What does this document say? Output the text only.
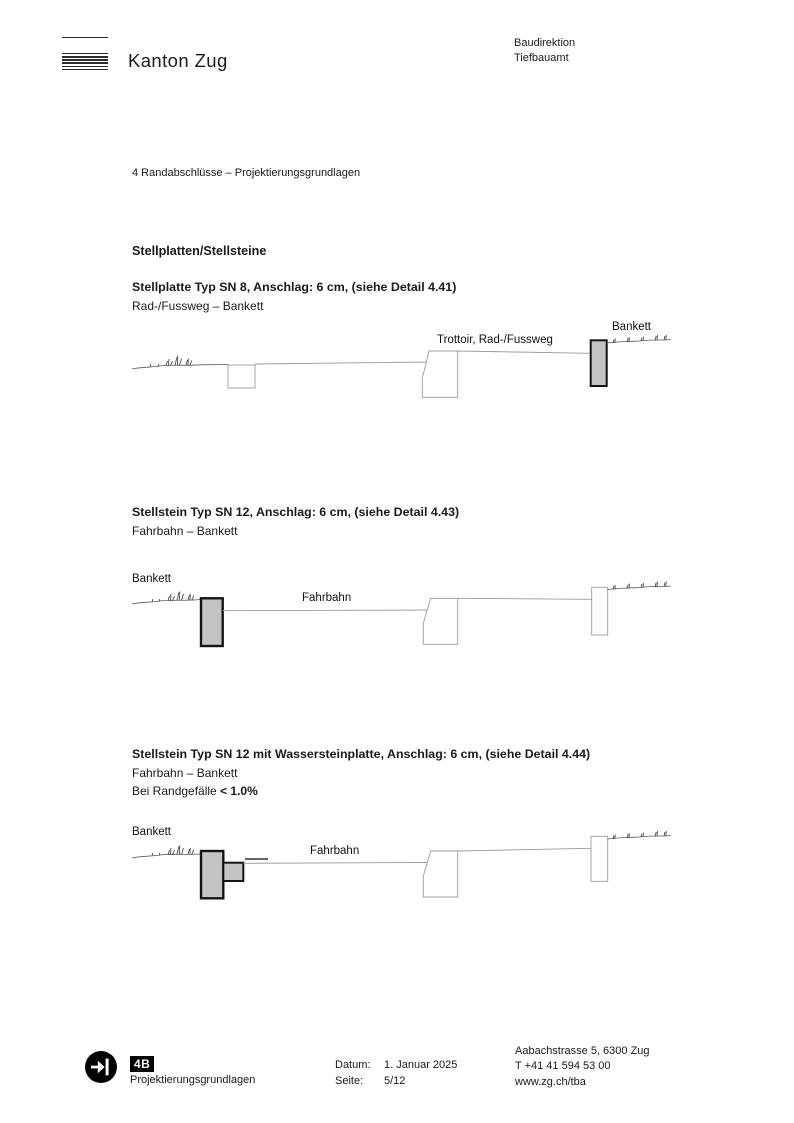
Kanton Zug
Baudirektion
Tiefbauamt
4 Randabschlüsse – Projektierungsgrundlagen
Stellplatten/Stellsteine
Stellplatte Typ SN 8, Anschlag: 6 cm, (siehe Detail 4.41)
Rad-/Fussweg – Bankett
Trottoir, Rad-/Fussweg
Bankett
Stellstein Typ SN 12, Anschlag: 6 cm, (siehe Detail 4.43)
Fahrbahn – Bankett
Bankett
Fahrbahn
Stellstein Typ SN 12 mit Wassersteinplatte, Anschlag: 6 cm, (siehe Detail 4.44)
Fahrbahn – Bankett
Bei Randgefälle < 1.0%
Bankett
Fahrbahn
4B
Projektierungsgrundlagen
Datum: 1. Januar 2025
Seite: 5/12
Aabachstrasse 5, 6300 Zug
T +41 41 594 53 00
www.zg.ch/tba
